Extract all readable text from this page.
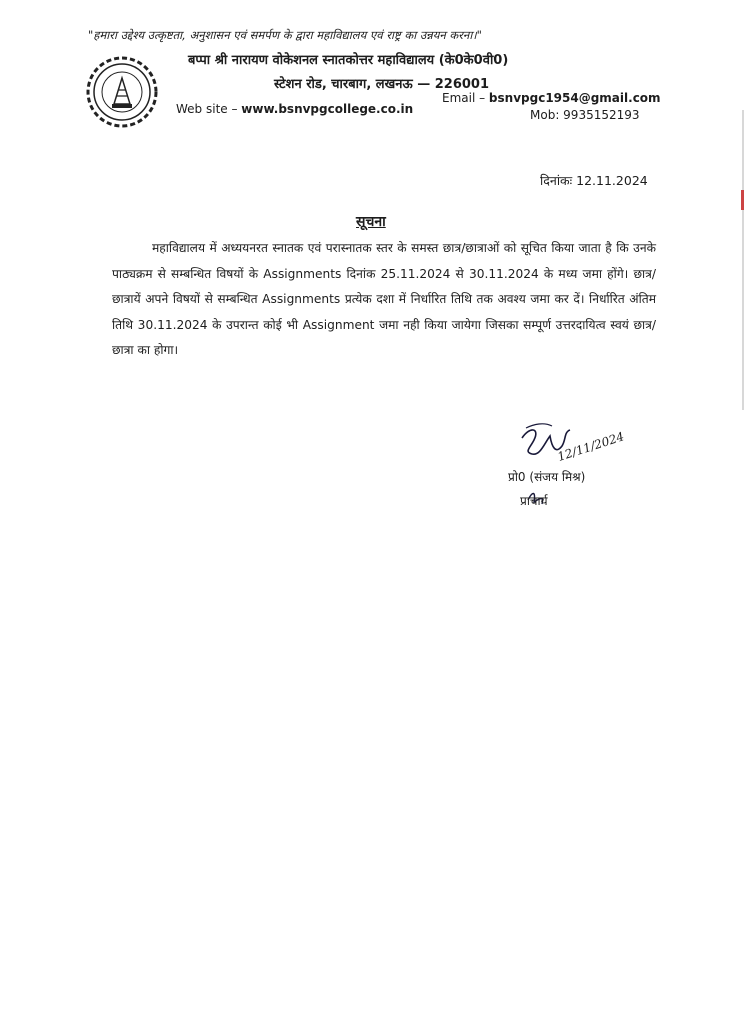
"हमारा उद्देश्य उत्कृष्टता, अनुशासन एवं समर्पण के द्वारा महाविद्यालय एवं राष्ट्र का उन्नयन करना।"
बप्पा श्री नारायण वोकेशनल स्नातकोत्तर महाविद्यालय (के0के0वी0)
स्टेशन रोड, चारबाग, लखनऊ — 226001
Web site – www.bsnvpgcollege.co.in
Email – bsnvpgc1954@gmail.com
Mob: 9935152193
दिनांकः 12.11.2024
सूचना

महाविद्यालय में अध्ययनरत स्नातक एवं परास्नातक स्तर के समस्त छात्र/छात्राओं को सूचित किया जाता है कि उनके पाठ्यक्रम से सम्बन्धित विषयों के Assignments दिनांक 25.11.2024 से 30.11.2024 के मध्य जमा होंगे। छात्र/छात्रायें अपने विषयों से सम्बन्धित Assignments प्रत्येक दशा में निर्धारित तिथि तक अवश्य जमा कर दें। निर्धारित अंतिम तिथि 30.11.2024 के उपरान्त कोई भी Assignment जमा नही किया जायेगा जिसका सम्पूर्ण उत्तरदायित्व स्वयं छात्र/छात्रा का होगा।

12/11/2024
प्रो0 (संजय मिश्र)
प्राचार्य
